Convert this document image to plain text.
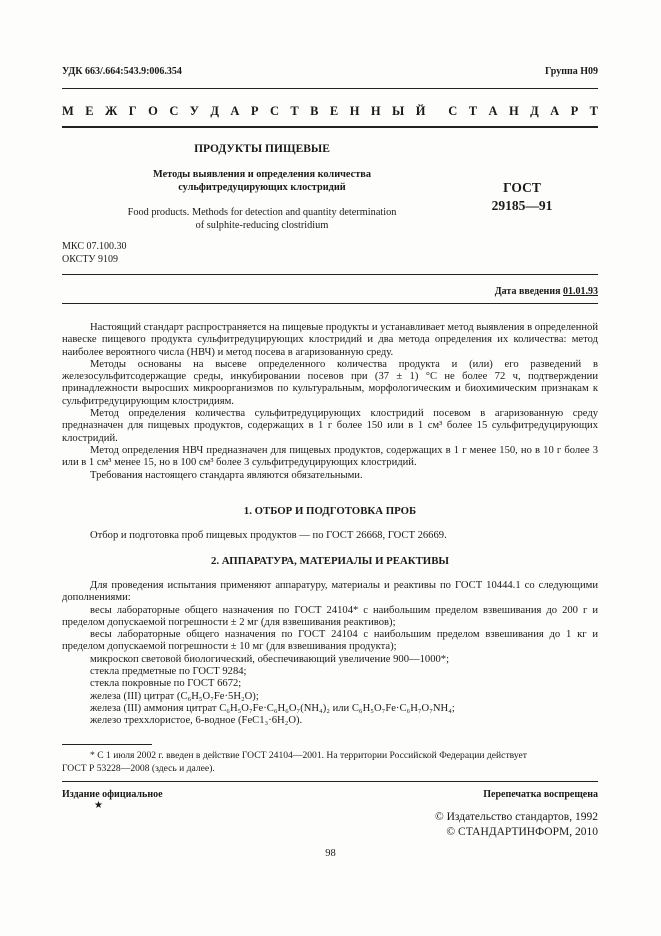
УДК 663/.664:543.9:006.354	Группа Н09
М Е Ж Г О С У Д А Р С Т В Е Н Н Ы Й С Т А Н Д А Р Т
ПРОДУКТЫ ПИЩЕВЫЕ
Методы выявления и определения количества
сульфитредуцирующих клостридий
Food products. Methods for detection and quantity determination
of sulphite-reducing clostridium
ГОСТ
29185—91
МКС 07.100.30
ОКСТУ 9109
Дата введения 01.01.93

Настоящий стандарт распространяется на пищевые продукты и устанавливает метод выявления в определенной навеске пищевого продукта сульфитредуцирующих клостридий и два метода определения их количества: метод наиболее вероятного числа (НВЧ) и метод посева в агаризованную среду.

Методы основаны на высеве определенного количества продукта и (или) его разведений в железосульфитсодержащие среды, инкубировании посевов при (37 ± 1) °С не более 72 ч, подтверждении принадлежности выросших микроорганизмов по культуральным, морфологическим и биохимическим признакам к сульфитредуцирующим клостридиям.

Метод определения количества сульфитредуцирующих клостридий посевом в агаризованную среду предназначен для пищевых продуктов, содержащих в 1 г более 150 или в 1 см³ более 15 сульфитредуцирующих клостридий.

Метод определения НВЧ предназначен для пищевых продуктов, содержащих в 1 г менее 150, но в 10 г более 3 или в 1 см³ менее 15, но в 100 см³ более 3 сульфитредуцирующих клостридий.

Требования настоящего стандарта являются обязательными.

1. ОТБОР И ПОДГОТОВКА ПРОБ

Отбор и подготовка проб пищевых продуктов — по ГОСТ 26668, ГОСТ 26669.

2. АППАРАТУРА, МАТЕРИАЛЫ И РЕАКТИВЫ

Для проведения испытания применяют аппаратуру, материалы и реактивы по ГОСТ 10444.1 со следующими дополнениями:

весы лабораторные общего назначения по ГОСТ 24104* с наибольшим пределом взвешивания до 200 г и пределом допускаемой погрешности ± 2 мг (для взвешивания реактивов);
весы лабораторные общего назначения по ГОСТ 24104 с наибольшим пределом взвешивания до 1 кг и пределом допускаемой погрешности ± 10 мг (для взвешивания продукта);
микроскоп световой биологический, обеспечивающий увеличение 900—1000*;
стекла предметные по ГОСТ 9284;
стекла покровные по ГОСТ 6672;
железа (III) цитрат (C₆H₅O₇Fe·5H₂O);
железа (III) аммония цитрат C₆H₅O₇Fe·C₆H₆O₇(NH₄)₂ или C₆H₅O₇Fe·C₆H₇O₇NH₄;
железо треххлористое, 6-водное (FeC1₃·6H₂O).
* С 1 июля 2002 г. введен в действие ГОСТ 24104—2001. На территории Российской Федерации действует
ГОСТ Р 53228—2008 (здесь и далее).
Издание официальное
★
Перепечатка воспрещена
© Издательство стандартов, 1992
© СТАНДАРТИНФОРМ, 2010
98
